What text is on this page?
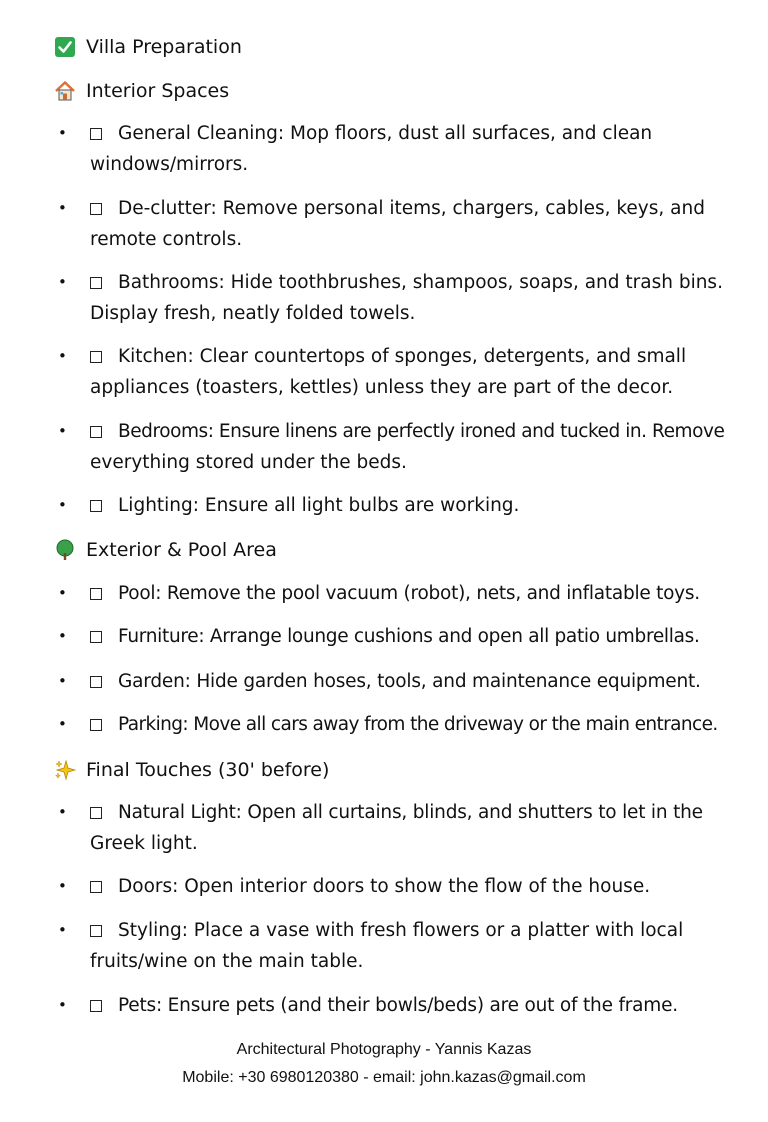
Villa Preparation
Interior Spaces
•	General Cleaning: Mop floors, dust all surfaces, and clean
windows/mirrors.
•	De-clutter: Remove personal items, chargers, cables, keys, and
remote controls.
•	Bathrooms: Hide toothbrushes, shampoos, soaps, and trash bins.
Display fresh, neatly folded towels.
•	Kitchen: Clear countertops of sponges, detergents, and small
appliances (toasters, kettles) unless they are part of the decor.
•	Bedrooms: Ensure linens are perfectly ironed and tucked in. Remove
everything stored under the beds.
•	Lighting: Ensure all light bulbs are working.
Exterior & Pool Area
•	Pool: Remove the pool vacuum (robot), nets, and inflatable toys.
•	Furniture: Arrange lounge cushions and open all patio umbrellas.
•	Garden: Hide garden hoses, tools, and maintenance equipment.
•	Parking: Move all cars away from the driveway or the main entrance.
Final Touches (30' before)
•	Natural Light: Open all curtains, blinds, and shutters to let in the
Greek light.
•	Doors: Open interior doors to show the flow of the house.
•	Styling: Place a vase with fresh flowers or a platter with local
fruits/wine on the main table.
•	Pets: Ensure pets (and their bowls/beds) are out of the frame.
Architectural Photography - Yannis Kazas
Mobile: +30 6980120380 - email: john.kazas@gmail.com
